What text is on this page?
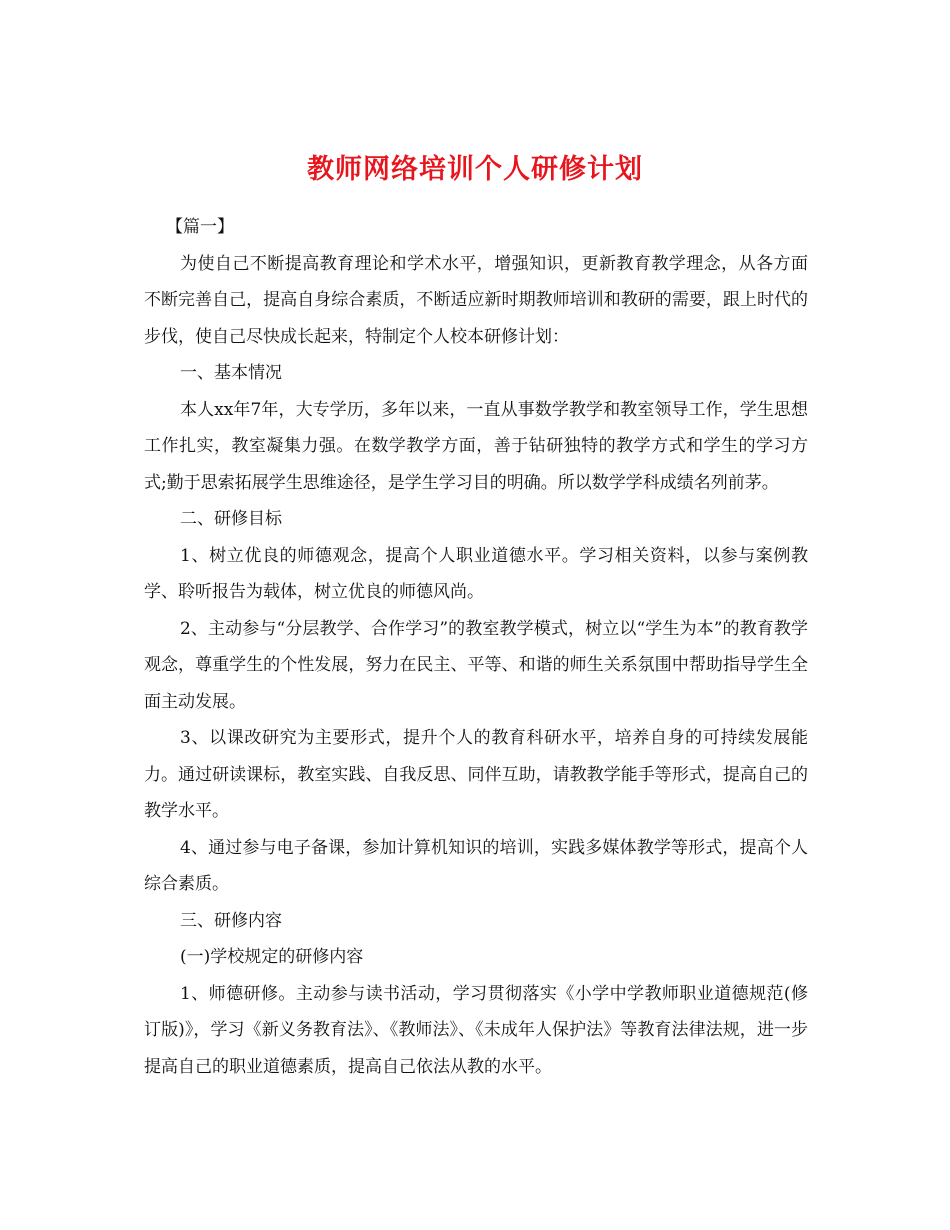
教师网络培训个人研修计划

【篇一】

为使自己不断提高教育理论和学术水平，增强知识，更新教育教学理念，从各方面不断完善自己，提高自身综合素质，不断适应新时期教师培训和教研的需要，跟上时代的步伐，使自己尽快成长起来，特制定个人校本研修计划：

一、基本情况

本人xx年7年，大专学历，多年以来，一直从事数学教学和教室领导工作，学生思想工作扎实，教室凝集力强。在数学教学方面，善于钻研独特的教学方式和学生的学习方式;勤于思索拓展学生思维途径，是学生学习目的明确。所以数学学科成绩名列前茅。

二、研修目标

1、树立优良的师德观念，提高个人职业道德水平。学习相关资料，以参与案例教学、聆听报告为载体，树立优良的师德风尚。

2、主动参与“分层教学、合作学习”的教室教学模式，树立以“学生为本”的教育教学观念，尊重学生的个性发展，努力在民主、平等、和谐的师生关系氛围中帮助指导学生全面主动发展。

3、以课改研究为主要形式，提升个人的教育科研水平，培养自身的可持续发展能力。通过研读课标，教室实践、自我反思、同伴互助，请教教学能手等形式，提高自己的教学水平。

4、通过参与电子备课，参加计算机知识的培训，实践多媒体教学等形式，提高个人综合素质。

三、研修内容

(一)学校规定的研修内容

1、师德研修。主动参与读书活动，学习贯彻落实《小学中学教师职业道德规范(修订版)》，学习《新义务教育法》、《教师法》、《未成年人保护法》等教育法律法规，进一步提高自己的职业道德素质，提高自己依法从教的水平。
